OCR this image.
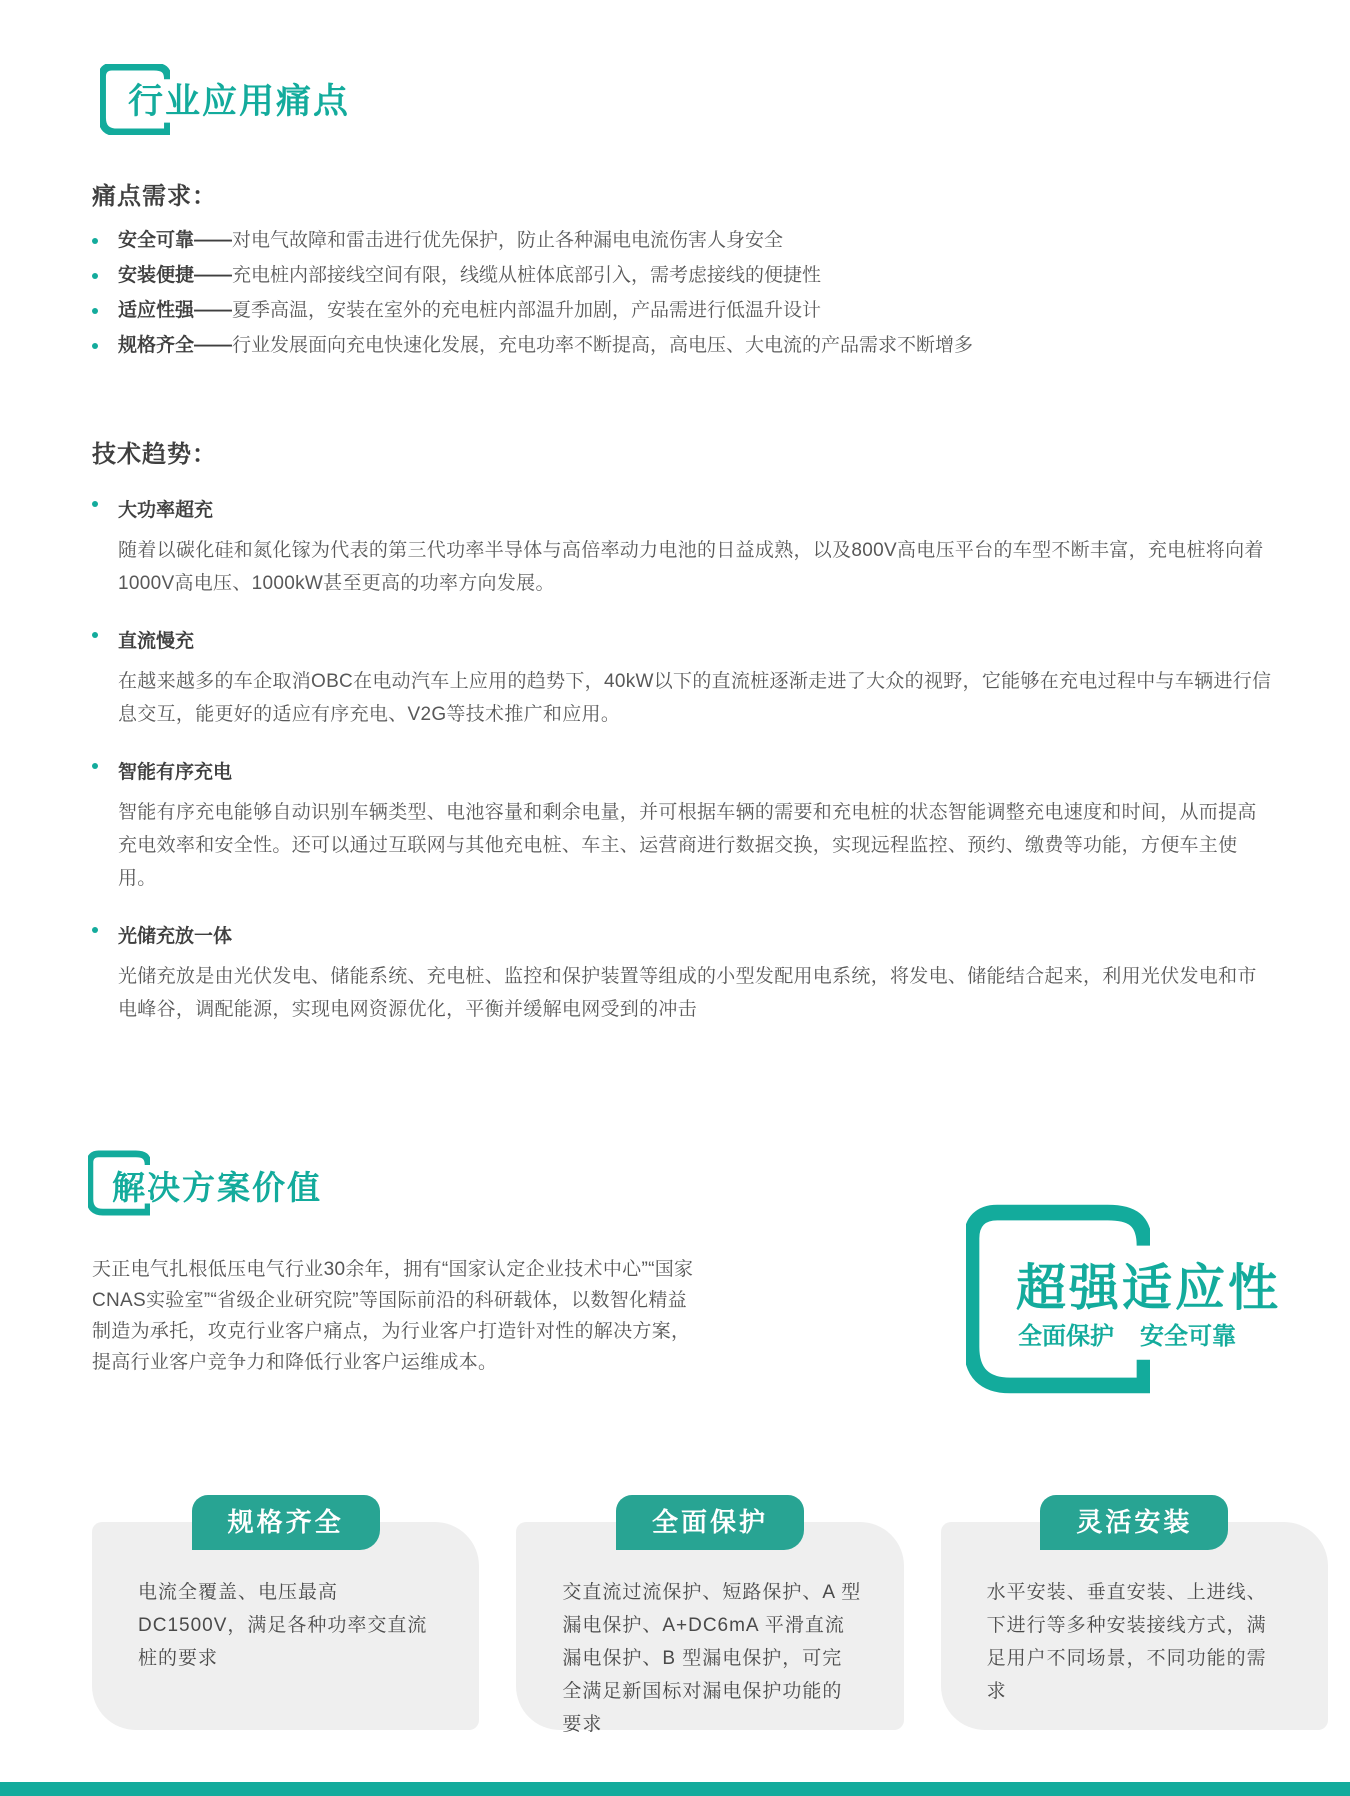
行业应用痛点
痛点需求：
安全可靠——对电气故障和雷击进行优先保护，防止各种漏电电流伤害人身安全
安装便捷——充电桩内部接线空间有限，线缆从桩体底部引入，需考虑接线的便捷性
适应性强——夏季高温，安装在室外的充电桩内部温升加剧，产品需进行低温升设计
规格齐全——行业发展面向充电快速化发展，充电功率不断提高，高电压、大电流的产品需求不断增多
技术趋势：
大功率超充

随着以碳化硅和氮化镓为代表的第三代功率半导体与高倍率动力电池的日益成熟，以及800V高电压平台的车型不断丰富，充电桩将向着1000V高电压、1000kW甚至更高的功率方向发展。

直流慢充

在越来越多的车企取消OBC在电动汽车上应用的趋势下，40kW以下的直流桩逐渐走进了大众的视野，它能够在充电过程中与车辆进行信息交互，能更好的适应有序充电、V2G等技术推广和应用。

智能有序充电

智能有序充电能够自动识别车辆类型、电池容量和剩余电量，并可根据车辆的需要和充电桩的状态智能调整充电速度和时间，从而提高充电效率和安全性。还可以通过互联网与其他充电桩、车主、运营商进行数据交换，实现远程监控、预约、缴费等功能，方便车主使用。

光储充放一体

光储充放是由光伏发电、储能系统、充电桩、监控和保护装置等组成的小型发配用电系统，将发电、储能结合起来，利用光伏发电和市电峰谷，调配能源，实现电网资源优化，平衡并缓解电网受到的冲击

解决方案价值

天正电气扎根低压电气行业30余年，拥有“国家认定企业技术中心”“国家CNAS实验室”“省级企业研究院”等国际前沿的科研载体，以数智化精益制造为承托，攻克行业客户痛点，为行业客户打造针对性的解决方案，提高行业客户竞争力和降低行业客户运维成本。

超强适应性
全面保护 安全可靠
规格齐全
电流全覆盖、电压最高 DC1500V，满足各种功率交直流桩的要求
全面保护
交直流过流保护、短路保护、A 型漏电保护、A+DC6mA 平滑直流漏电保护、B 型漏电保护，可完全满足新国标对漏电保护功能的要求
灵活安装
水平安装、垂直安装、上进线、下进行等多种安装接线方式，满足用户不同场景，不同功能的需求
